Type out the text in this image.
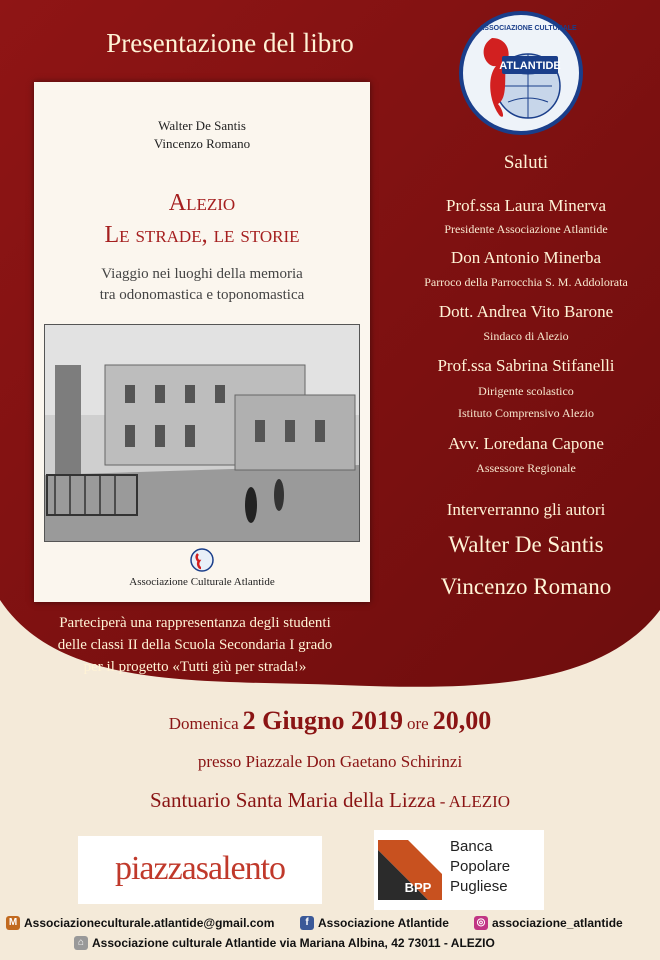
Presentazione del libro
ATLANTIDE
ASSOCIAZIONE CULTURALE
Walter De Santis
Vincenzo Romano
Alezio
Le strade, le storie
Viaggio nei luoghi della memoria
tra odonomastica e toponomastica
Associazione Culturale Atlantide
Saluti
Prof.ssa Laura Minerva
Presidente Associazione Atlantide
Don Antonio Minerba
Parroco della Parrocchia S. M. Addolorata
Dott. Andrea Vito Barone
Sindaco di Alezio
Prof.ssa Sabrina Stifanelli
Dirigente scolastico
Istituto Comprensivo Alezio
Avv. Loredana Capone
Assessore Regionale
Interverranno gli autori
Walter De Santis
Vincenzo Romano
Parteciperà una rappresentanza degli studenti
delle classi II della Scuola Secondaria I grado
per il progetto «Tutti giù per strada!»
Domenica 2 Giugno 2019 ore 20,00
presso Piazzale Don Gaetano Schirinzi
Santuario Santa Maria della Lizza - ALEZIO
piazzasalento
BPP
Banca
Popolare
Pugliese
M Associazioneculturale.atlantide@gmail.com	f Associazione Atlantide	◎ associazione_atlantide
⌂ Associazione culturale Atlantide via Mariana Albina, 42 73011 - ALEZIO
